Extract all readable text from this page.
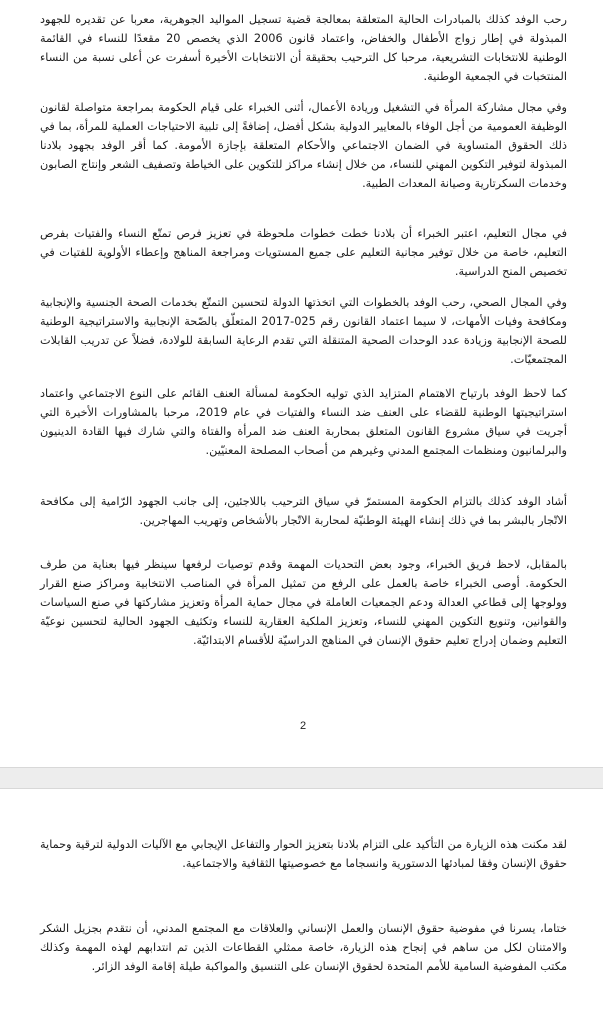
رحب الوفد كذلك بالمبادرات الحالية المتعلقة بمعالجة قضية تسجيل المواليد الجوهرية، معربا عن تقديره للجهود المبذولة في إطار زواج الأطفال والخفاض، واعتماد قانون 2006 الذي يخصص 20 مقعدًا للنساء في القائمة الوطنية للانتخابات التشريعية، مرحبا كل الترحيب بحقيقة أن الانتخابات الأخيرة أسفرت عن أعلى نسبة من النساء المنتخبات في الجمعية الوطنية.

وفي مجال مشاركة المرأة في التشغيل وريادة الأعمال، أثنى الخبراء على قيام الحكومة بمراجعة متواصلة لقانون الوظيفة العمومية من أجل الوفاء بالمعايير الدولية بشكل أفضل، إضافةً إلى تلبية الاحتياجات العملية للمرأة، بما في ذلك الحقوق المتساوية في الضمان الاجتماعي والأحكام المتعلقة بإجازة الأمومة. كما أقر الوفد بجهود بلادنا المبذولة لتوفير التكوين المهني للنساء، من خلال إنشاء مراكز للتكوين على الخياطة وتصفيف الشعر وإنتاج الصابون وخدمات السكرتارية وصيانة المعدات الطبية.

في مجال التعليم، اعتبر الخبراء أن بلادنا خطت خطوات ملحوظة في تعزيز فرص تمتّع النساء والفتيات بفرص التعليم، خاصة من خلال توفير مجانية التعليم على جميع المستويات ومراجعة المناهج وإعطاء الأولوية للفتيات في تخصيص المنح الدراسية.

وفي المجال الصحي، رحب الوفد بالخطوات التي اتخذتها الدولة لتحسين التمتّع بخدمات الصحة الجنسية والإنجابية ومكافحة وفيات الأمهات، لا سيما اعتماد القانون رقم 025-2017 المتعلّق بالصّحة الإنجابية والاستراتيجية الوطنية للصحة الإنجابية وزيادة عدد الوحدات الصحية المتنقلة التي تقدم الرعاية السابقة للولادة، فضلاً عن تدريب القابلات المجتمعيّات.

كما لاحظ الوفد بارتياح الاهتمام المتزايد الذي توليه الحكومة لمسألة العنف القائم على النوع الاجتماعي واعتماد استراتيجيتها الوطنية للقضاء على العنف ضد النساء والفتيات في عام 2019، مرحبا بالمشاورات الأخيرة التي أجريت في سياق مشروع القانون المتعلق بمحاربة العنف ضد المرأة والفتاة والتي شارك فيها القادة الدينيون والبرلمانيون ومنظمات المجتمع المدني وغيرهم من أصحاب المصلحة المعنيّين.

أشاد الوفد كذلك بالتزام الحكومة المستمرّ في سياق الترحيب باللاجئين، إلى جانب الجهود الرّامية إلى مكافحة الاتّجار بالبشر بما في ذلك إنشاء الهيئة الوطنيّة لمحاربة الاتّجار بالأشخاص وتهريب المهاجرين.

بالمقابل، لاحظ فريق الخبراء، وجود بعض التحديات المهمة وقدم توصيات لرفعها سينظر فيها بعناية من طرف الحكومة. أوصى الخبراء خاصة بالعمل على الرفع من تمثيل المرأة في المناصب الانتخابية ومراكز صنع القرار وولوجها إلى قطاعي العدالة ودعم الجمعيات العاملة في مجال حماية المرأة وتعزيز مشاركتها في صنع السياسات والقوانين، وتنويع التكوين المهني للنساء، وتعزيز الملكية العقارية للنساء وتكثيف الجهود الحالية لتحسين نوعيّة التعليم وضمان إدراج تعليم حقوق الإنسان في المناهج الدراسيّة للأقسام الابتدائيّة.

2

لقد مكنت هذه الزيارة من التأكيد على التزام بلادنا بتعزيز الحوار والتفاعل الإيجابي مع الآليات الدولية لترقية وحماية حقوق الإنسان وفقا لمبادئها الدستورية وانسجاما مع خصوصيتها الثقافية والاجتماعية.

ختاما، يسرنا في مفوضية حقوق الإنسان والعمل الإنساني والعلاقات مع المجتمع المدني، أن نتقدم بجزيل الشكر والامتنان لكل من ساهم في إنجاح هذه الزيارة، خاصة ممثلي القطاعات الذين تم انتدابهم لهذه المهمة وكذلك مكتب المفوضية السامية للأمم المتحدة لحقوق الإنسان على التنسيق والمواكبة طيلة إقامة الوفد الزائر.
